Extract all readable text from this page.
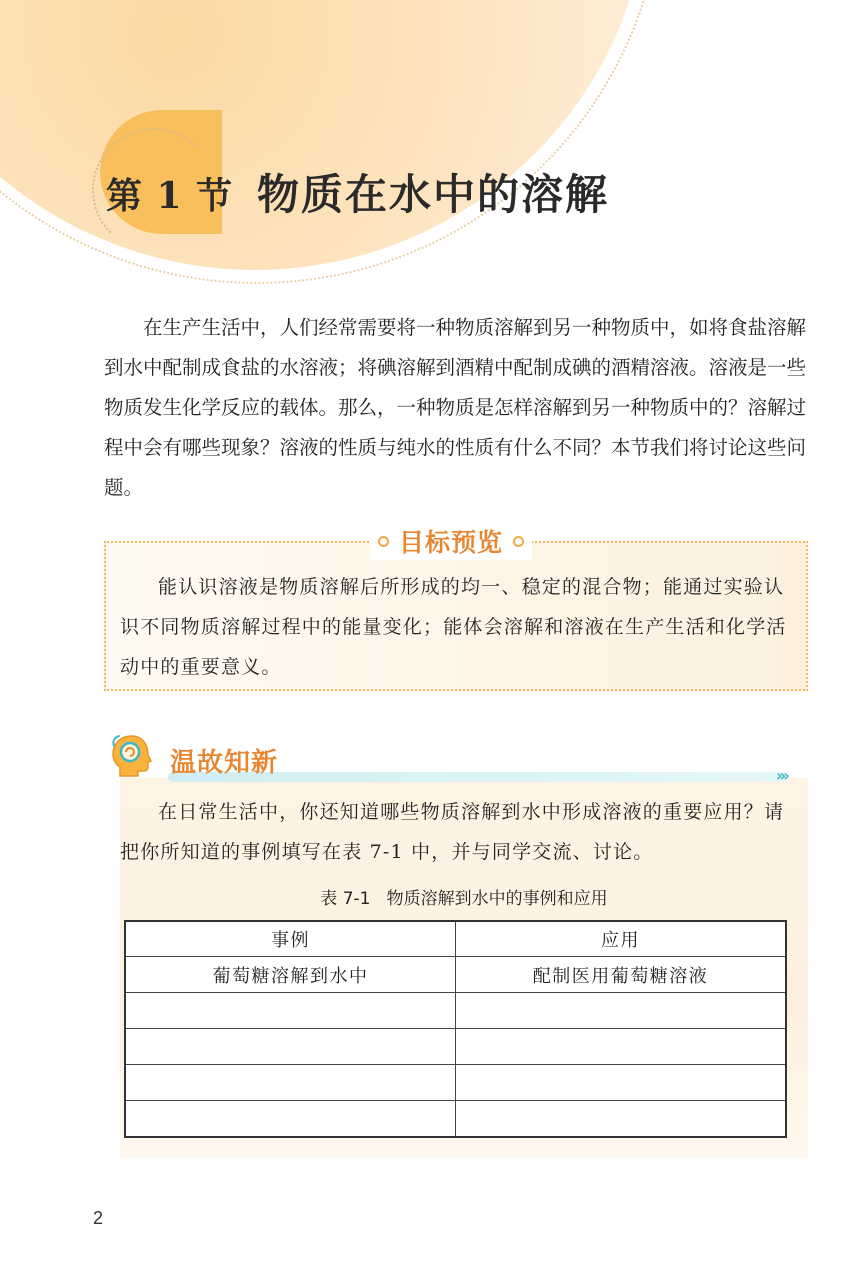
第 1 节 物质在水中的溶解

在生产生活中，人们经常需要将一种物质溶解到另一种物质中，如将食盐溶解到水中配制成食盐的水溶液；将碘溶解到酒精中配制成碘的酒精溶液。溶液是一些物质发生化学反应的载体。那么，一种物质是怎样溶解到另一种物质中的？溶解过程中会有哪些现象？溶液的性质与纯水的性质有什么不同？本节我们将讨论这些问题。

目标预览

能认识溶液是物质溶解后所形成的均一、稳定的混合物；能通过实验认识不同物质溶解过程中的能量变化；能体会溶解和溶液在生产生活和化学活动中的重要意义。

›››
温故知新

在日常生活中，你还知道哪些物质溶解到水中形成溶液的重要应用？请把你所知道的事例填写在表 7-1 中，并与同学交流、讨论。

表 7-1   物质溶解到水中的事例和应用
事例	应用
葡萄糖溶解到水中	配制医用葡萄糖溶液

2
